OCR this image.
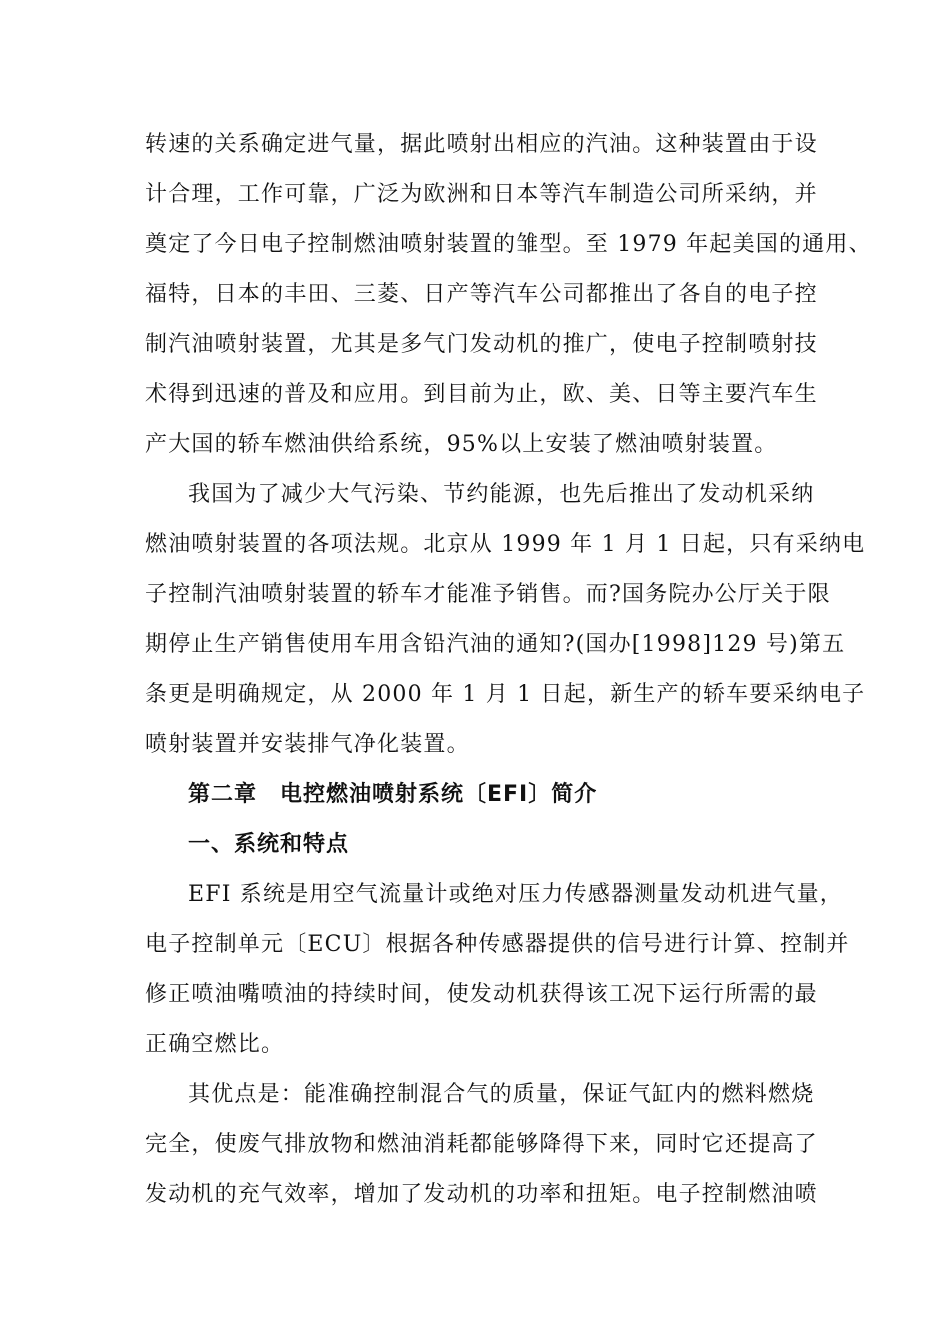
转速的关系确定进气量，据此喷射出相应的汽油。这种装置由于设
计合理，工作可靠，广泛为欧洲和日本等汽车制造公司所采纳，并
奠定了今日电子控制燃油喷射装置的雏型。至 1979 年起美国的通用、
福特，日本的丰田、三菱、日产等汽车公司都推出了各自的电子控
制汽油喷射装置，尤其是多气门发动机的推广，使电子控制喷射技
术得到迅速的普及和应用。到目前为止，欧、美、日等主要汽车生
产大国的轿车燃油供给系统，95%以上安装了燃油喷射装置。
我国为了减少大气污染、节约能源，也先后推出了发动机采纳
燃油喷射装置的各项法规。北京从 1999 年 1 月 1 日起，只有采纳电
子控制汽油喷射装置的轿车才能准予销售。而?国务院办公厅关于限
期停止生产销售使用车用含铅汽油的通知?(国办[1998]129 号)第五
条更是明确规定，从 2000 年 1 月 1 日起，新生产的轿车要采纳电子
喷射装置并安装排气净化装置。
第二章　电控燃油喷射系统〔EFI〕简介
一、系统和特点
EFI 系统是用空气流量计或绝对压力传感器测量发动机进气量，
电子控制单元〔ECU〕根据各种传感器提供的信号进行计算、控制并
修正喷油嘴喷油的持续时间，使发动机获得该工况下运行所需的最
正确空燃比。
其优点是：能准确控制混合气的质量，保证气缸内的燃料燃烧
完全，使废气排放物和燃油消耗都能够降得下来，同时它还提高了
发动机的充气效率，增加了发动机的功率和扭矩。电子控制燃油喷
